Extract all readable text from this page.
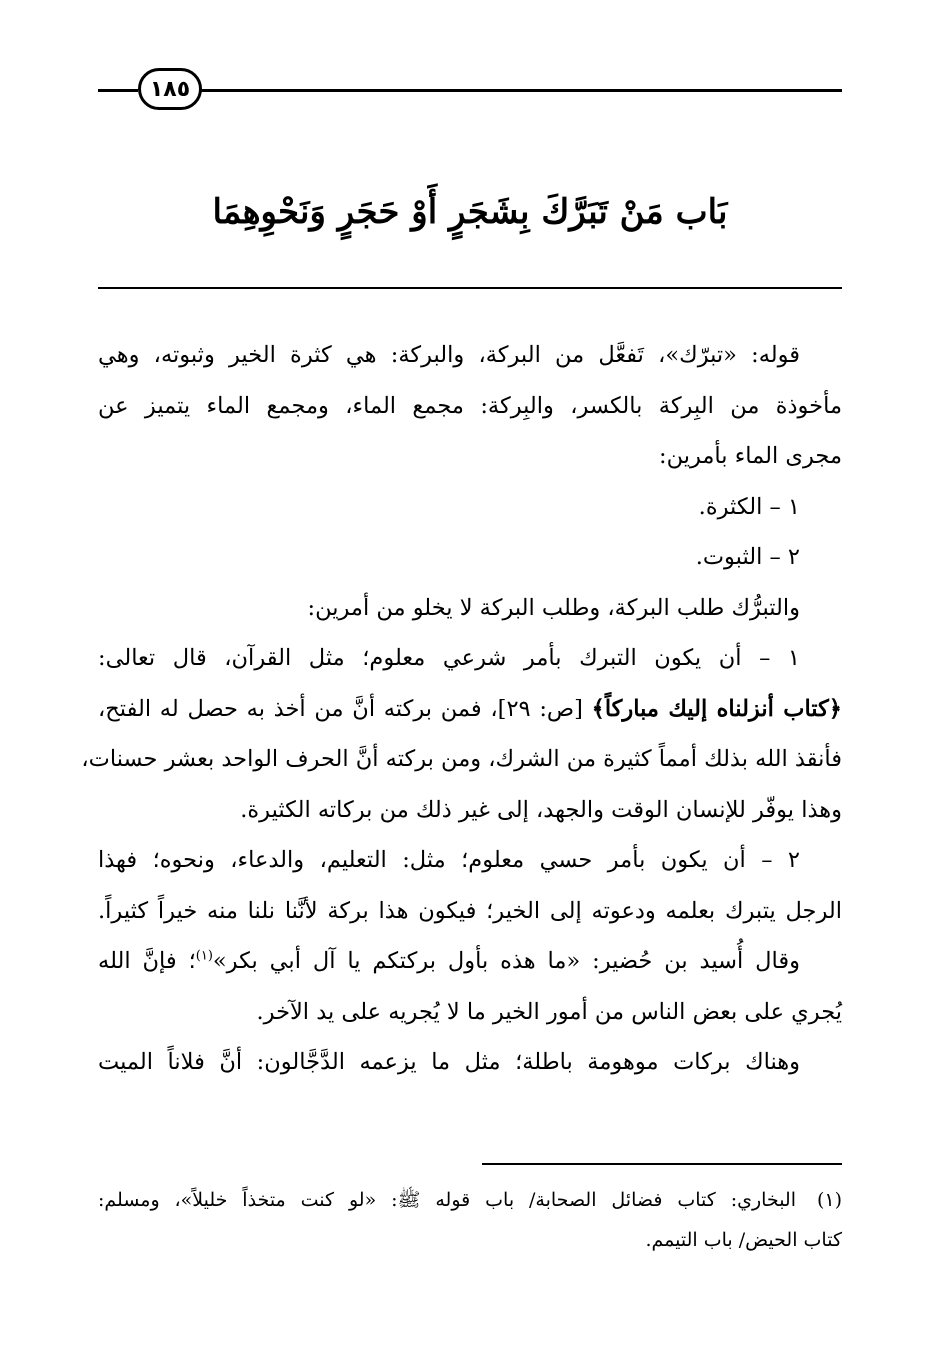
١٨٥
بَاب مَنْ تَبَرَّكَ بِشَجَرٍ أَوْ حَجَرٍ وَنَحْوِهِمَا
قوله: «تبرّك»، تَفعَّل من البركة، والبركة: هي كثرة الخير وثبوته، وهي
مأخوذة من البِركة بالكسر، والبِركة: مجمع الماء، ومجمع الماء يتميز عن
مجرى الماء بأمرين:
١ – الكثرة.
٢ – الثبوت.
والتبرُّك طلب البركة، وطلب البركة لا يخلو من أمرين:
١ – أن يكون التبرك بأمر شرعي معلوم؛ مثل القرآن، قال تعالى:
﴿كتاب أنزلناه إليك مباركاً﴾ [ص: ٢٩]، فمن بركته أنَّ من أخذ به حصل له الفتح،
فأنقذ الله بذلك أمماً كثيرة من الشرك، ومن بركته أنَّ الحرف الواحد بعشر حسنات،
وهذا يوفّر للإنسان الوقت والجهد، إلى غير ذلك من بركاته الكثيرة.
٢ – أن يكون بأمر حسي معلوم؛ مثل: التعليم، والدعاء، ونحوه؛ فهذا
الرجل يتبرك بعلمه ودعوته إلى الخير؛ فيكون هذا بركة لأنَّنا نلنا منه خيراً كثيراً.
وقال أُسيد بن حُضير: «ما هذه بأول بركتكم يا آل أبي بكر»$^{(١)}$؛ فإنَّ الله
يُجري على بعض الناس من أمور الخير ما لا يُجريه على يد الآخر.
وهناك بركات موهومة باطلة؛ مثل ما يزعمه الدَّجَّالون: أنَّ فلاناً الميت
(١)البخاري: كتاب فضائل الصحابة/ باب قوله ﷺ: «لو كنت متخذاً خليلاً»، ومسلم:
كتاب الحيض/ باب التيمم.
